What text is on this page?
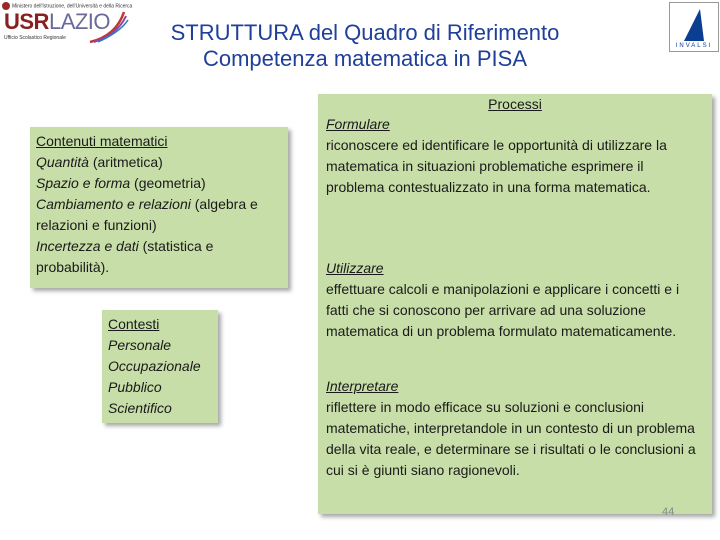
Ministero dell'Istruzione, dell'Università e della Ricerca
USRLAZIO
Ufficio Scolastico Regionale
INVALSI
STRUTTURA del Quadro di Riferimento
Competenza matematica in PISA
Contenuti matematici
Quantità (aritmetica)
Spazio e forma (geometria)
Cambiamento e relazioni (algebra e relazioni e funzioni)
Incertezza e dati (statistica e probabilità).
Contesti
Personale
Occupazionale
Pubblico
Scientifico
Processi
Formulare
riconoscere ed identificare le opportunità di utilizzare la matematica in situazioni problematiche esprimere il problema contestualizzato in una forma matematica.
Utilizzare
effettuare calcoli e manipolazioni e applicare i concetti e i fatti che si conoscono per arrivare ad una soluzione matematica di un problema formulato matematicamente.
Interpretare
riflettere in modo efficace su soluzioni e conclusioni matematiche, interpretandole in un contesto di un problema della vita reale, e determinare se i risultati o le conclusioni a cui si è giunti siano ragionevoli.
44
